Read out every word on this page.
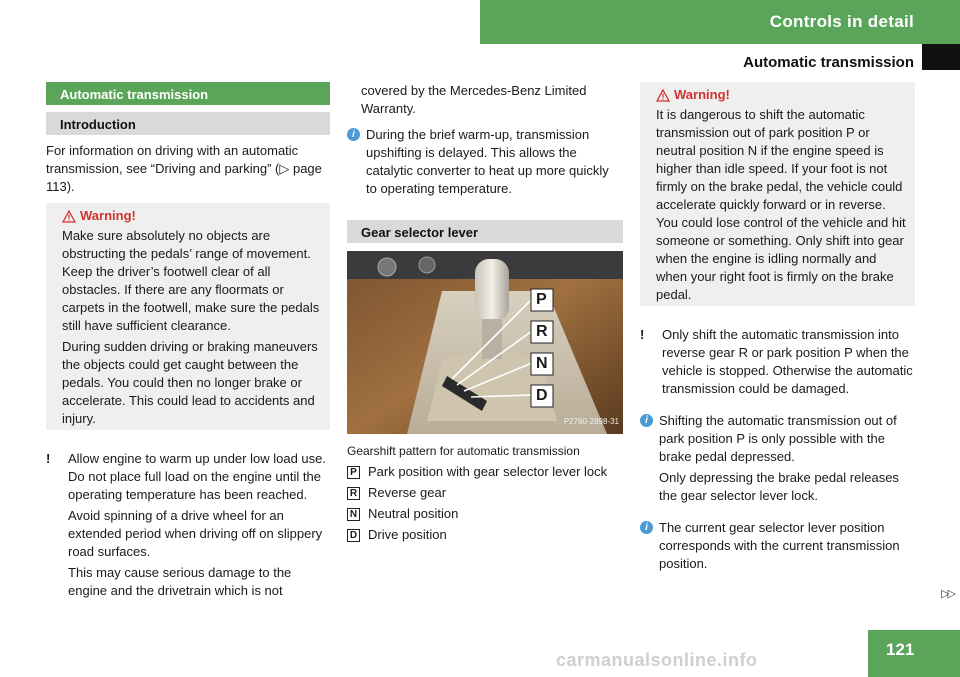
Controls in detail
Automatic transmission
Automatic transmission
Introduction

For information on driving with an automatic transmission, see “Driving and parking” (▷ page 113).

Warning!

Make sure absolutely no objects are obstructing the pedals’ range of movement. Keep the driver’s footwell clear of all obstacles. If there are any floormats or carpets in the footwell, make sure the pedals still have sufficient clearance.

During sudden driving or braking maneuvers the objects could get caught between the pedals. You could then no longer brake or accelerate. This could lead to accidents and injury.

!	Allow engine to warm up under low load use. Do not place full load on the engine until the operating temperature has been reached.

Avoid spinning of a drive wheel for an extended period when driving off on slippery road surfaces.

This may cause serious damage to the engine and the drivetrain which is not

covered by the Mercedes-Benz Limited Warranty.

i During the brief warm-up, transmission upshifting is delayed. This allows the catalytic converter to heat up more quickly to operating temperature.

Gear selector lever
P
R
N
D
P2760-2898-31

Gearshift pattern for automatic transmission

P Park position with gear selector lever lock
R Reverse gear
N Neutral position
D Drive position
Warning!

It is dangerous to shift the automatic transmission out of park position P or neutral position N if the engine speed is higher than idle speed. If your foot is not firmly on the brake pedal, the vehicle could accelerate quickly forward or in reverse. You could lose control of the vehicle and hit someone or something. Only shift into gear when the engine is idling normally and when your right foot is firmly on the brake pedal.

!	Only shift the automatic transmission into reverse gear R or park position P when the vehicle is stopped. Otherwise the automatic transmission could be damaged.

i Shifting the automatic transmission out of park position P is only possible with the brake pedal depressed.

Only depressing the brake pedal releases the gear selector lever lock.

i The current gear selector lever position corresponds with the current transmission position.

▷▷
carmanualsonline.info
121
